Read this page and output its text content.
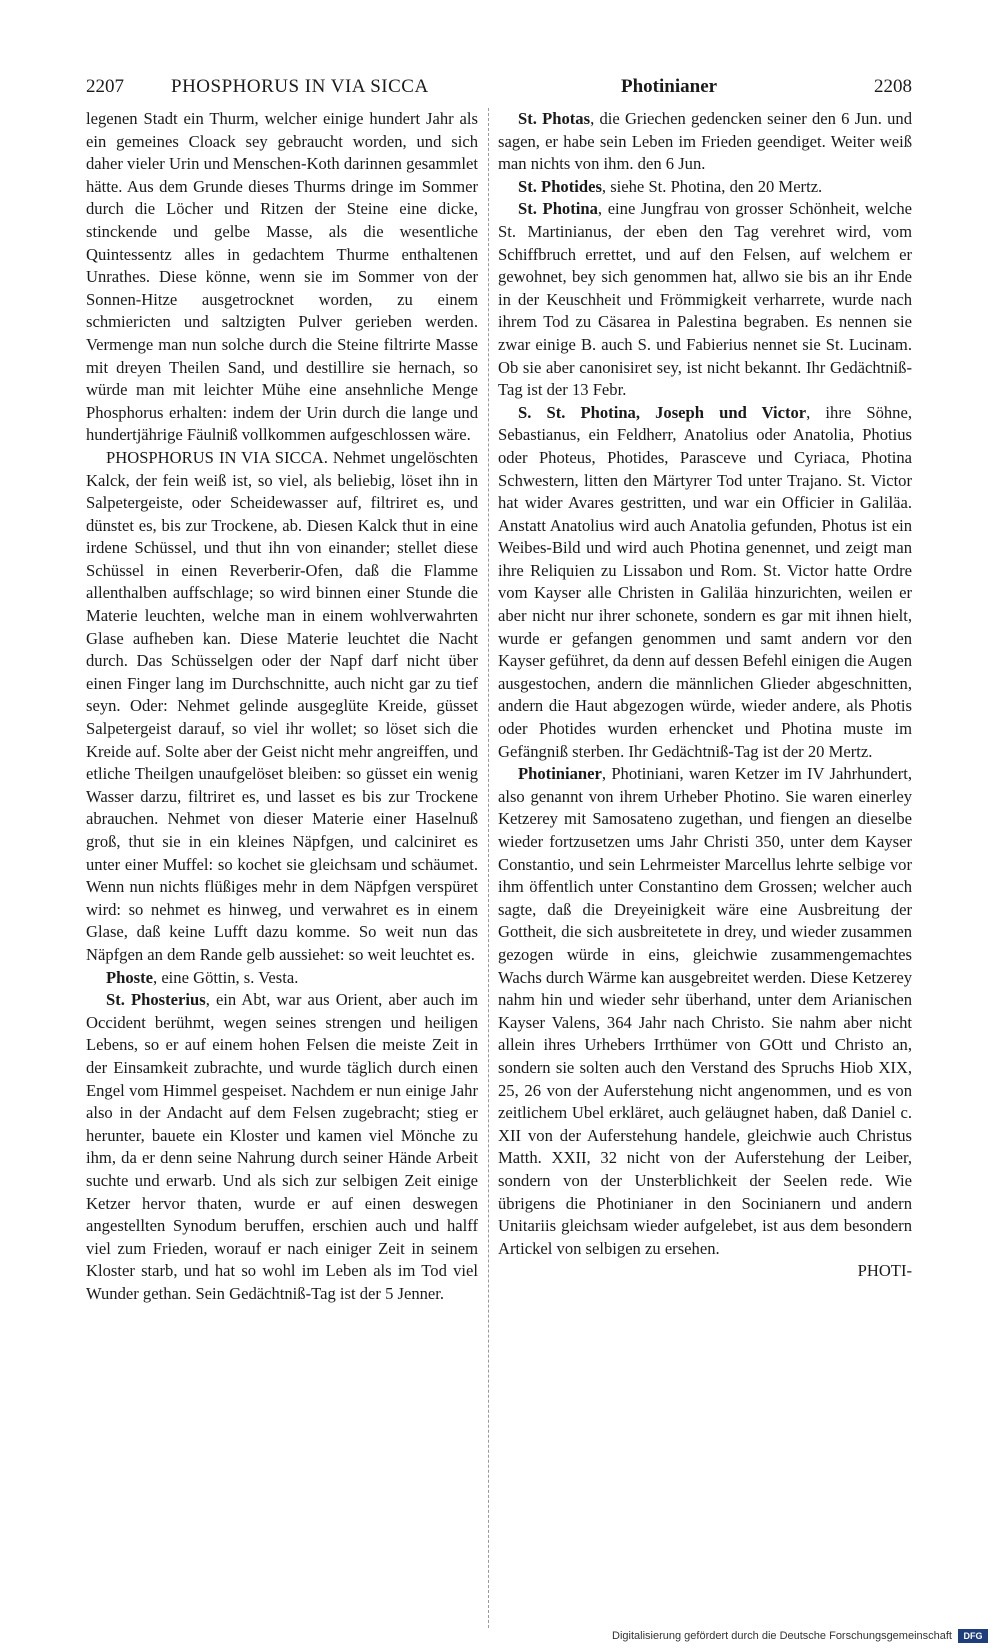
2207 PHOSPHORUS IN VIA SICCA	Photinianer	2208

legenen Stadt ein Thurm, welcher einige hundert Jahr als ein gemeines Cloack sey gebraucht worden, und sich daher vieler Urin und Menschen-Koth darinnen gesammlet hätte. Aus dem Grunde dieses Thurms dringe im Sommer durch die Löcher und Ritzen der Steine eine dicke, stinckende und gelbe Masse, als die wesentliche Quintessentz alles in gedachtem Thurme enthaltenen Unrathes. Diese könne, wenn sie im Sommer von der Sonnen-Hitze ausgetrocknet worden, zu einem schmiericten und saltzigten Pulver gerieben werden. Vermenge man nun solche durch die Steine filtrirte Masse mit dreyen Theilen Sand, und destillire sie hernach, so würde man mit leichter Mühe eine ansehnliche Menge Phosphorus erhalten: indem der Urin durch die lange und hundertjährige Fäulniß vollkommen aufgeschlossen wäre.

PHOSPHORUS IN VIA SICCA. Nehmet ungelöschten Kalck, der fein weiß ist, so viel, als beliebig, löset ihn in Salpetergeiste, oder Scheidewasser auf, filtriret es, und dünstet es, bis zur Trockene, ab. Diesen Kalck thut in eine irdene Schüssel, und thut ihn von einander; stellet diese Schüssel in einen Reverberir-Ofen, daß die Flamme allenthalben auffschlage; so wird binnen einer Stunde die Materie leuchten, welche man in einem wohlverwahrten Glase aufheben kan. Diese Materie leuchtet die Nacht durch. Das Schüsselgen oder der Napf darf nicht über einen Finger lang im Durchschnitte, auch nicht gar zu tief seyn. Oder: Nehmet gelinde ausgeglüte Kreide, güsset Salpetergeist darauf, so viel ihr wollet; so löset sich die Kreide auf. Solte aber der Geist nicht mehr angreiffen, und etliche Theilgen unaufgelöset bleiben: so güsset ein wenig Wasser darzu, filtriret es, und lasset es bis zur Trockene abrauchen. Nehmet von dieser Materie einer Haselnuß groß, thut sie in ein kleines Näpfgen, und calciniret es unter einer Muffel: so kochet sie gleichsam und schäumet. Wenn nun nichts flüßiges mehr in dem Näpfgen verspüret wird: so nehmet es hinweg, und verwahret es in einem Glase, daß keine Lufft dazu komme. So weit nun das Näpfgen an dem Rande gelb aussiehet: so weit leuchtet es.

Phoste, eine Göttin, s. Vesta.

St. Phosterius, ein Abt, war aus Orient, aber auch im Occident berühmt, wegen seines strengen und heiligen Lebens, so er auf einem hohen Felsen die meiste Zeit in der Einsamkeit zubrachte, und wurde täglich durch einen Engel vom Himmel gespeiset. Nachdem er nun einige Jahr also in der Andacht auf dem Felsen zugebracht; stieg er herunter, bauete ein Kloster und kamen viel Mönche zu ihm, da er denn seine Nahrung durch seiner Hände Arbeit suchte und erwarb. Und als sich zur selbigen Zeit einige Ketzer hervor thaten, wurde er auf einen deswegen angestellten Synodum beruffen, erschien auch und halff viel zum Frieden, worauf er nach einiger Zeit in seinem Kloster starb, und hat so wohl im Leben als im Tod viel Wunder gethan. Sein Gedächtniß-Tag ist der 5 Jenner.

St. Photas, die Griechen gedencken seiner den 6 Jun. und sagen, er habe sein Leben im Frieden geendiget. Weiter weiß man nichts von ihm. den 6 Jun.

St. Photides, siehe St. Photina, den 20 Mertz.

St. Photina, eine Jungfrau von grosser Schönheit, welche St. Martinianus, der eben den Tag verehret wird, vom Schiffbruch errettet, und auf den Felsen, auf welchem er gewohnet, bey sich genommen hat, allwo sie bis an ihr Ende in der Keuschheit und Frömmigkeit verharrete, wurde nach ihrem Tod zu Cäsarea in Palestina begraben. Es nennen sie zwar einige B. auch S. und Fabierius nennet sie St. Lucinam. Ob sie aber canonisiret sey, ist nicht bekannt. Ihr Gedächtniß-Tag ist der 13 Febr.

S. St. Photina, Joseph und Victor, ihre Söhne, Sebastianus, ein Feldherr, Anatolius oder Anatolia, Photius oder Photeus, Photides, Parasceve und Cyriaca, Photina Schwestern, litten den Märtyrer Tod unter Trajano. St. Victor hat wider Avares gestritten, und war ein Officier in Galiläa. Anstatt Anatolius wird auch Anatolia gefunden, Photus ist ein Weibes-Bild und wird auch Photina genennet, und zeigt man ihre Reliquien zu Lissabon und Rom. St. Victor hatte Ordre vom Kayser alle Christen in Galiläa hinzurichten, weilen er aber nicht nur ihrer schonete, sondern es gar mit ihnen hielt, wurde er gefangen genommen und samt andern vor den Kayser geführet, da denn auf dessen Befehl einigen die Augen ausgestochen, andern die männlichen Glieder abgeschnitten, andern die Haut abgezogen würde, wieder andere, als Photis oder Photides wurden erhencket und Photina muste im Gefängniß sterben. Ihr Gedächtniß-Tag ist der 20 Mertz.

Photinianer, Photiniani, waren Ketzer im IV Jahrhundert, also genannt von ihrem Urheber Photino. Sie waren einerley Ketzerey mit Samosateno zugethan, und fiengen an dieselbe wieder fortzusetzen ums Jahr Christi 350, unter dem Kayser Constantio, und sein Lehrmeister Marcellus lehrte selbige vor ihm öffentlich unter Constantino dem Grossen; welcher auch sagte, daß die Dreyeinigkeit wäre eine Ausbreitung der Gottheit, die sich ausbreitetete in drey, und wieder zusammen gezogen würde in eins, gleichwie zusammengemachtes Wachs durch Wärme kan ausgebreitet werden. Diese Ketzerey nahm hin und wieder sehr überhand, unter dem Arianischen Kayser Valens, 364 Jahr nach Christo. Sie nahm aber nicht allein ihres Urhebers Irrthümer von GOtt und Christo an, sondern sie solten auch den Verstand des Spruchs Hiob XIX, 25, 26 von der Auferstehung nicht angenommen, und es von zeitlichem Ubel erkläret, auch geläugnet haben, daß Daniel c. XII von der Auferstehung handele, gleichwie auch Christus Matth. XXII, 32 nicht von der Auferstehung der Leiber, sondern von der Unsterblichkeit der Seelen rede. Wie übrigens die Photinianer in den Socinianern und andern Unitariis gleichsam wieder aufgelebet, ist aus dem besondern Artickel von selbigen zu ersehen.

PHOTI-

Digitalisierung gefördert durch die Deutsche Forschungsgemeinschaft	DFG
